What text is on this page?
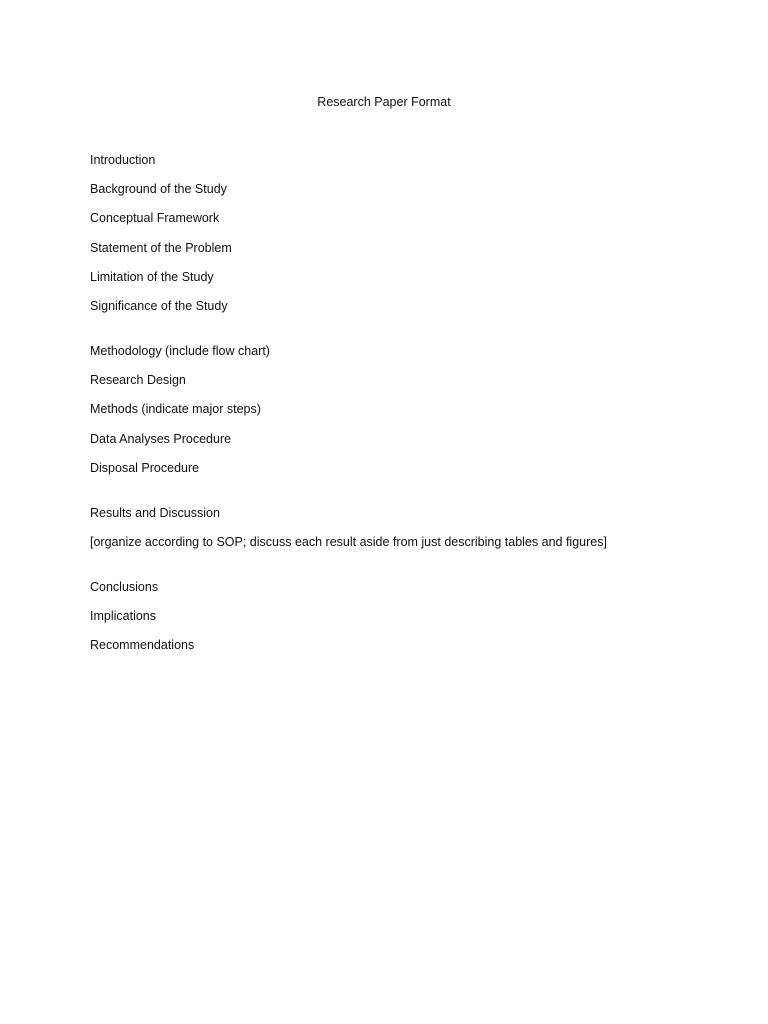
Research Paper Format
Introduction
Background of the Study
Conceptual Framework
Statement of the Problem
Limitation of the Study
Significance of the Study
Methodology (include flow chart)
Research Design
Methods (indicate major steps)
Data Analyses Procedure
Disposal Procedure
Results and Discussion
[organize according to SOP; discuss each result aside from just describing tables and figures]
Conclusions
Implications
Recommendations
